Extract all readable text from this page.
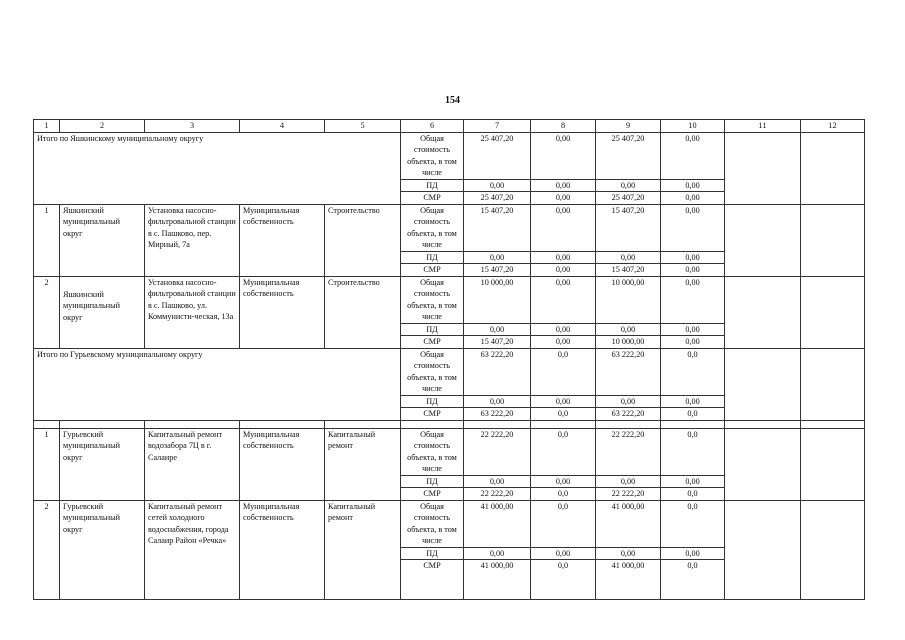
154
1	2	3	4	5	6	7	8	9	10	11	12
Итого по Яшкинскому муниципальному округу					Общая стоимость объекта, в том числе	25 407,20	0,00	25 407,20	0,00		
					ПД	0,00	0,00	0,00	0,00		
					СМР	25 407,20	0,00	25 407,20	0,00		
1	Яшкинский муниципальный округ	Установка насосно-фильтровальной станции в с. Пашково, пер. Мирный, 7а	Муниципальная собственность	Строительство	Общая стоимость объекта, в том числе	15 407,20	0,00	15 407,20	0,00		
					ПД	0,00	0,00	0,00	0,00		
					СМР	15 407,20	0,00	15 407,20	0,00		
2	Яшкинский муниципальный округ	Установка насосно-фильтровальной станции в с. Пашково, ул. Коммунисти-ческая, 13а	Муниципальная собственность	Строительство	Общая стоимость объекта, в том числе	10 000,00	0,00	10 000,00	0,00		
					ПД	0,00	0,00	0,00	0,00		
					СМР	15 407,20	0,00	10 000,00	0,00		
Итого по Гурьевскому муниципальному округу					Общая стоимость объекта, в том числе	63 222,20	0,0	63 222,20	0,0		
					ПД	0,00	0,00	0,00	0,00		
					СМР	63 222,20	0,0	63 222,20	0,0		

1	Гурьевский муниципальный округ	Капитальный ремонт водозабора 7Ц в г. Салаире	Муниципальная собственность	Капитальный ремонт	Общая стоимость объекта, в том числе	22 222,20	0,0	22 222,20	0,0		
					ПД	0,00	0,00	0,00	0,00		
					СМР	22 222,20	0,0	22 222,20	0,0		
2	Гурьевский муниципальный округ	Капитальный ремонт сетей холодного водоснабжения, города Салаир Район «Речка»	Муниципальная собственность	Капитальный ремонт	Общая стоимость объекта, в том числе	41 000,00	0,0	41 000,00	0,0		
					ПД	0,00	0,00	0,00	0,00		
					СМР	41 000,00	0,0	41 000,00	0,0		
